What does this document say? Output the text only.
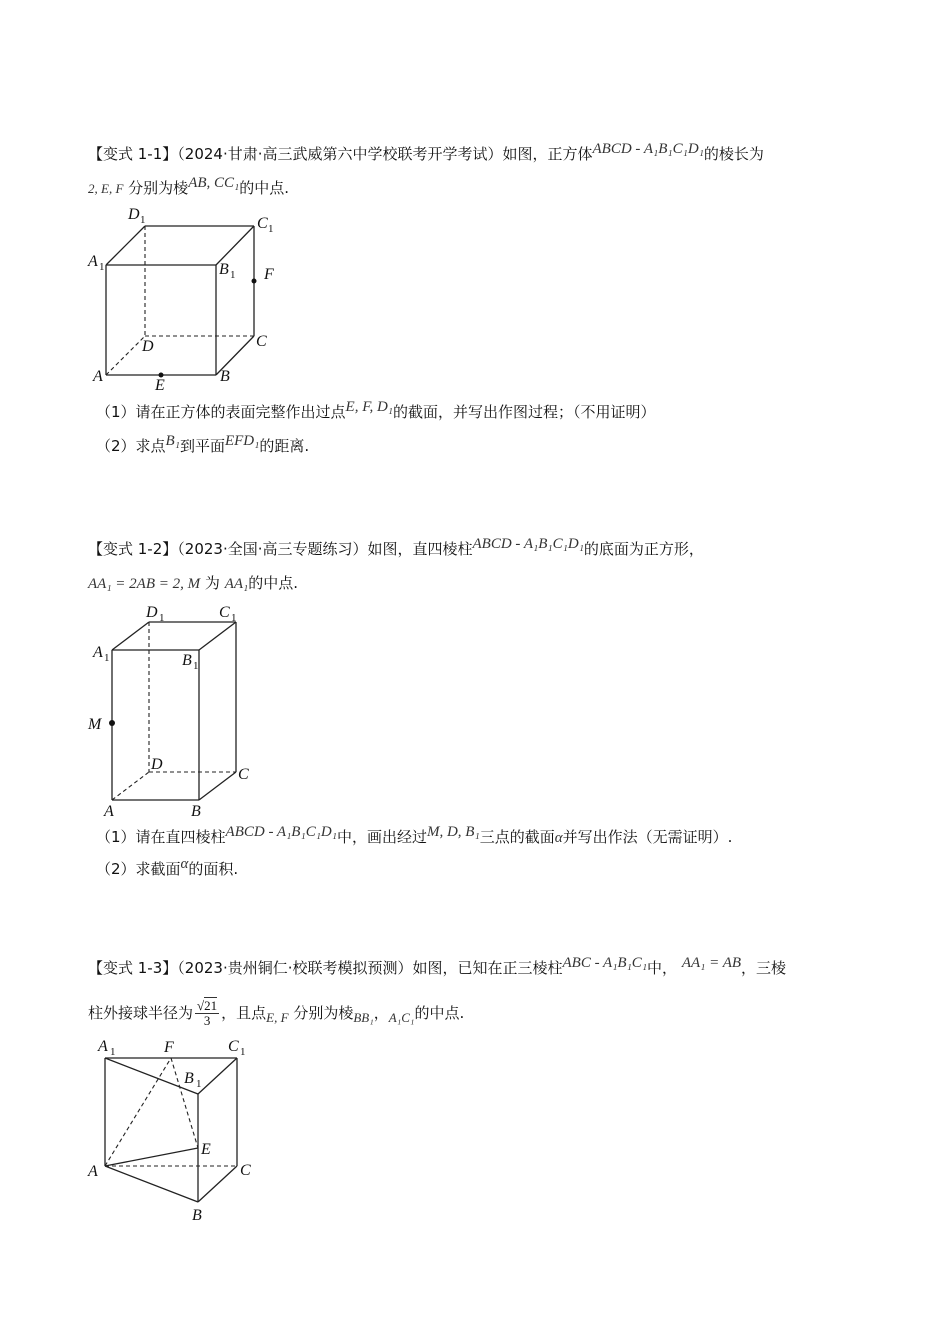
【变式 1-1】（2024·甘肃·高三武威第六中学校联考开学考试）如图，正方体ABCD - A₁B₁C₁D₁的棱长为
2, E, F 分别为棱AB, CC₁的中点.
D 1	C 1
A 1	B 1 F
D	C
A
E
B
（1）请在正方体的表面完整作出过点E, F, D₁的截面，并写出作图过程；（不用证明）
（2）求点B₁到平面EFD₁的距离.
【变式 1-2】（2023·全国·高三专题练习）如图，直四棱柱ABCD - A₁B₁C₁D₁的底面为正方形，
AA₁ = 2AB = 2, M 为 AA₁的中点.
D 1	C 1
A 1	B 1
M
D
C
A	B
（1）请在直四棱柱ABCD - A₁B₁C₁D₁中，画出经过M, D, B₁三点的截面α并写出作法（无需证明）.
（2）求截面α的面积.
【变式 1-3】（2023·贵州铜仁·校联考模拟预测）如图，已知在正三棱柱ABC - A₁B₁C₁中， AA₁ = AB，三棱
柱外接球半径为 $\frac{√21}{3}$ ，且点E, F 分别为棱BB₁，A₁C₁的中点.
A 1	F	C 1
B 1
E
A	C
B
